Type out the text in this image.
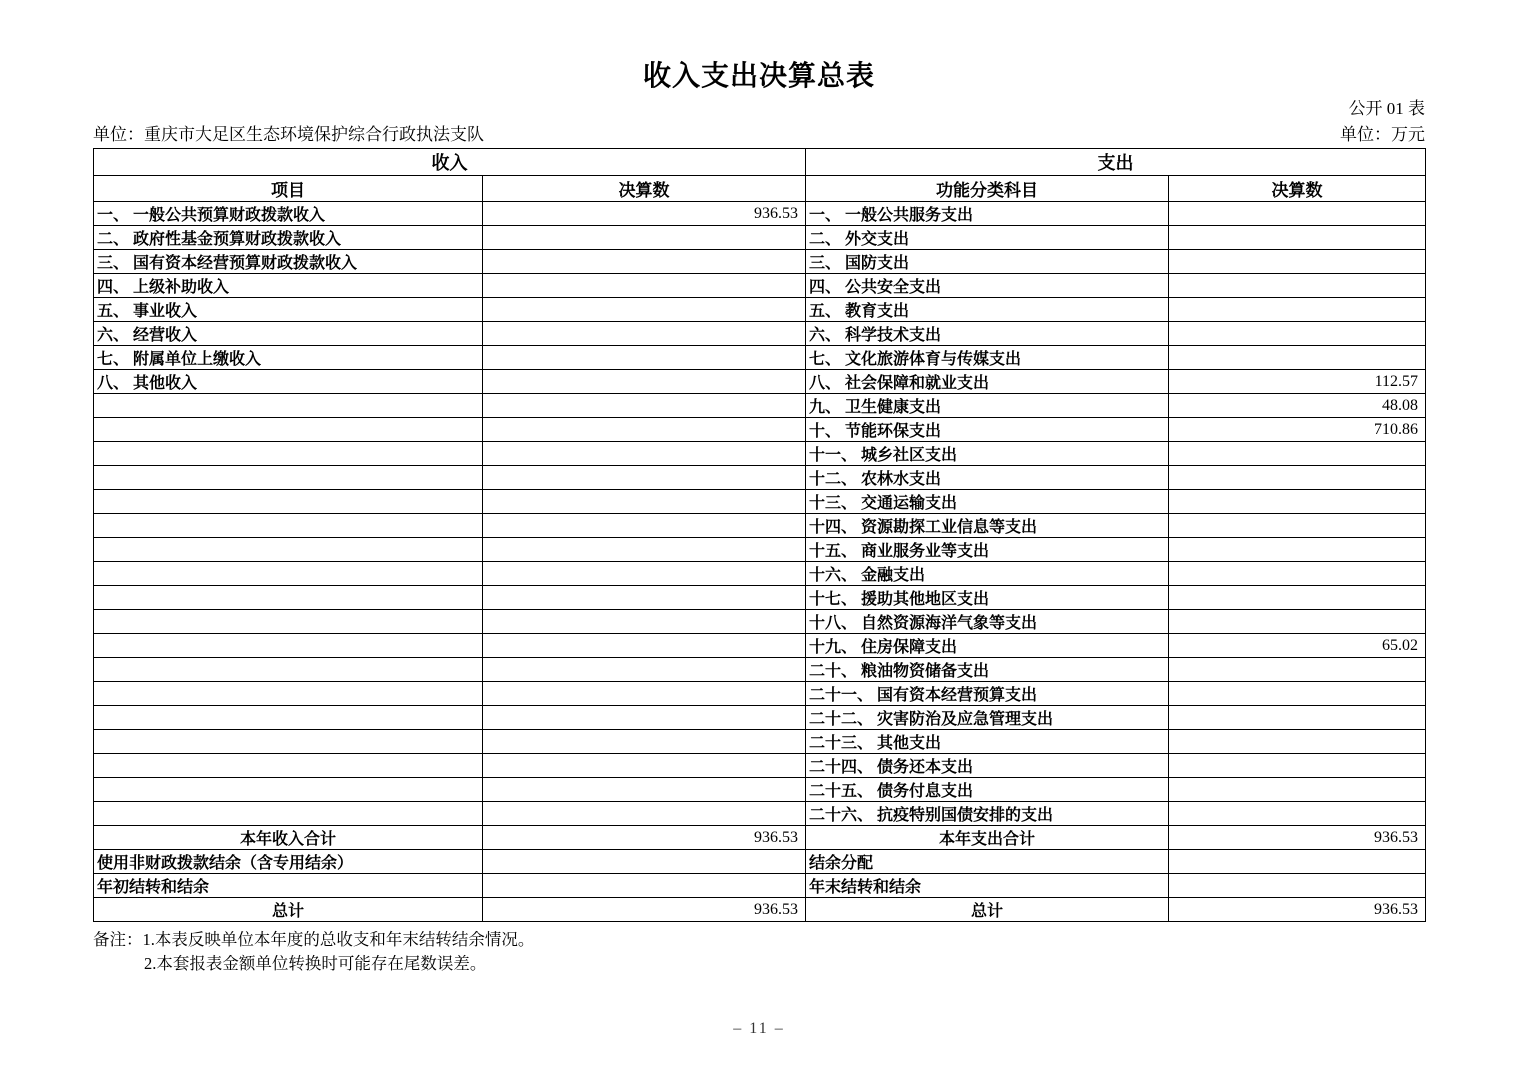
收入支出决算总表
公开 01 表
单位：重庆市大足区生态环境保护综合行政执法支队	单位：万元
收入		支出	
项目	决算数	功能分类科目	决算数
一、 一般公共预算财政拨款收入	936.53	一、 一般公共服务支出	
二、 政府性基金预算财政拨款收入		二、 外交支出	
三、 国有资本经营预算财政拨款收入		三、 国防支出	
四、 上级补助收入		四、 公共安全支出	
五、 事业收入		五、 教育支出	
六、 经营收入		六、 科学技术支出	
七、 附属单位上缴收入		七、 文化旅游体育与传媒支出	
八、 其他收入		八、 社会保障和就业支出	112.57
		九、 卫生健康支出	48.08
		十、 节能环保支出	710.86
		十一、 城乡社区支出	
		十二、 农林水支出	
		十三、 交通运输支出	
		十四、 资源勘探工业信息等支出	
		十五、 商业服务业等支出	
		十六、 金融支出	
		十七、 援助其他地区支出	
		十八、 自然资源海洋气象等支出	
		十九、 住房保障支出	65.02
		二十、 粮油物资储备支出	
		二十一、 国有资本经营预算支出	
		二十二、 灾害防治及应急管理支出	
		二十三、 其他支出	
		二十四、 债务还本支出	
		二十五、 债务付息支出	
		二十六、 抗疫特别国债安排的支出	
本年收入合计	936.53	本年支出合计	936.53
使用非财政拨款结余（含专用结余）		结余分配	
年初结转和结余		年末结转和结余	
总计	936.53	总计	936.53
备注：1.本表反映单位本年度的总收支和年末结转结余情况。
2.本套报表金额单位转换时可能存在尾数误差。
– 11 –
